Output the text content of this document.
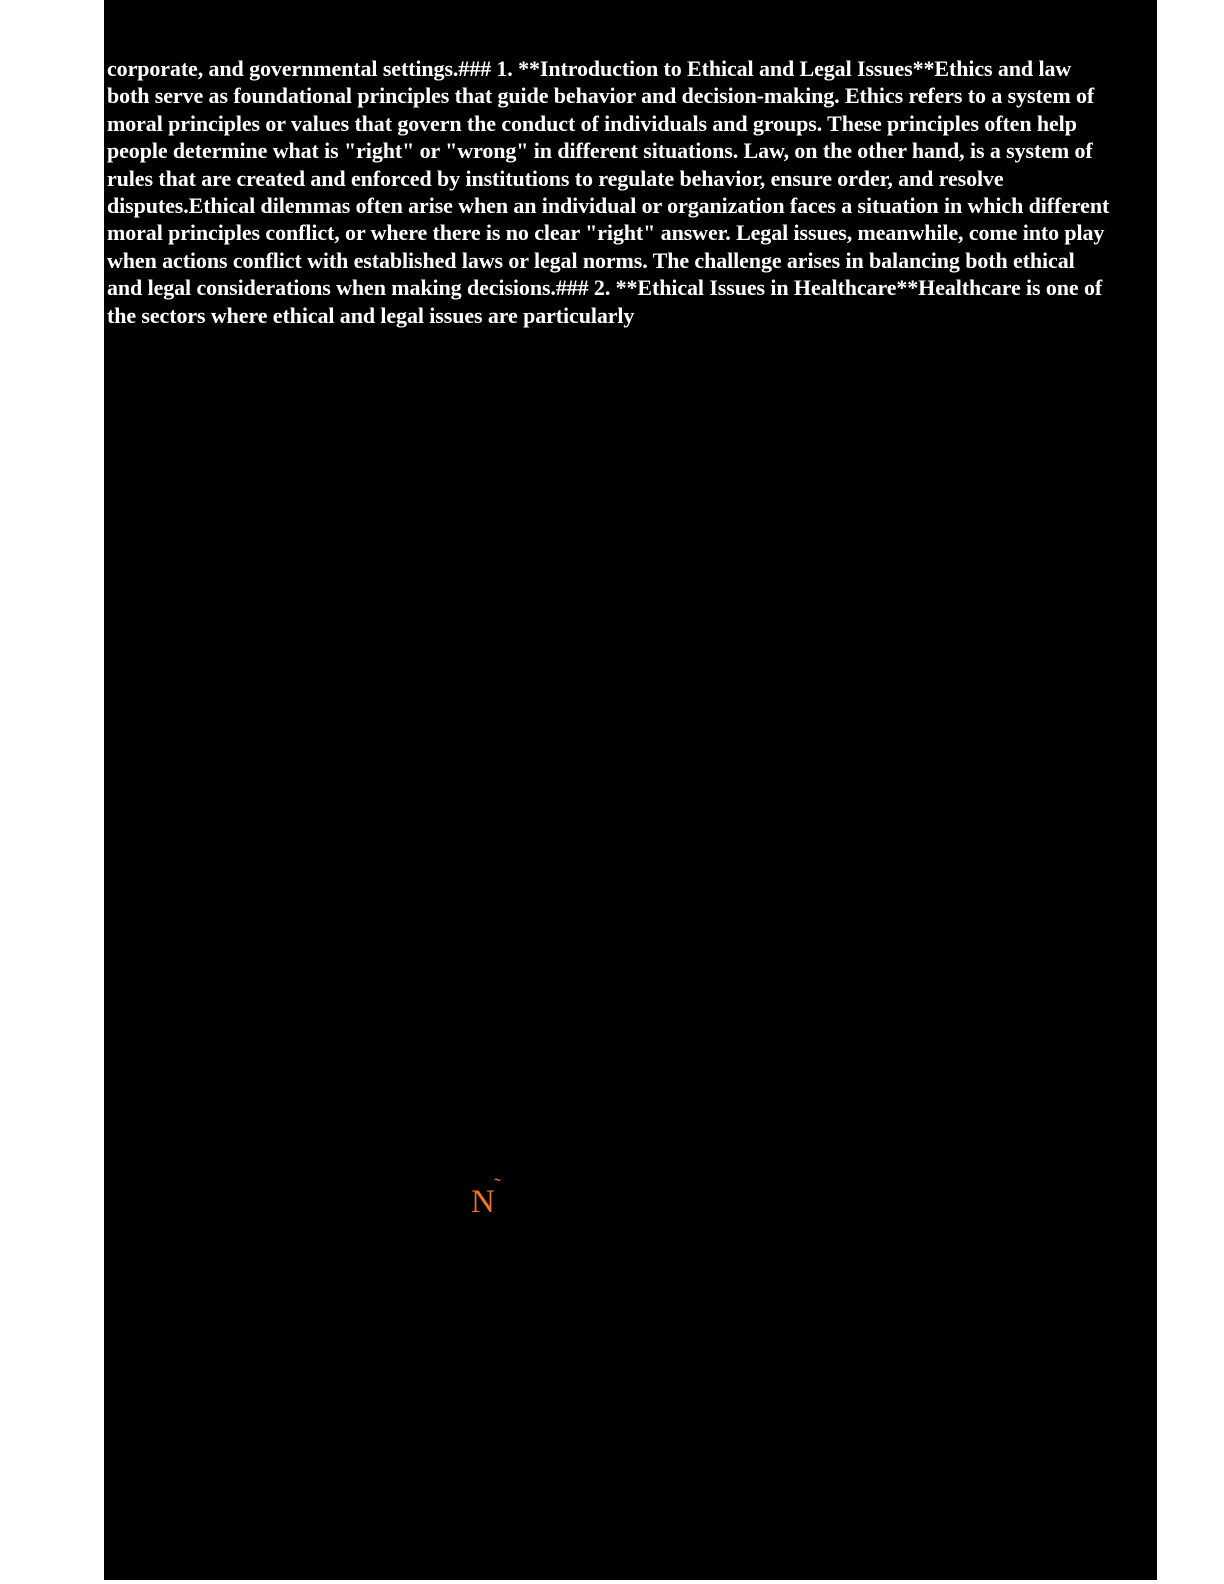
corporate, and governmental settings.### 1. **Introduction to Ethical and Legal Issues**Ethics and law
both serve as foundational principles that guide behavior and decision-making. Ethics refers to a system of
moral principles or values that govern the conduct of individuals and groups. These principles often help
people determine what is "right" or "wrong" in different situations. Law, on the other hand, is a system of
rules that are created and enforced by institutions to regulate behavior, ensure order, and resolve
disputes.Ethical dilemmas often arise when an individual or organization faces a situation in which different
moral principles conflict, or where there is no clear "right" answer. Legal issues, meanwhile, come into play
when actions conflict with established laws or legal norms. The challenge arises in balancing both ethical
and legal considerations when making decisions.### 2. **Ethical Issues in Healthcare**Healthcare is one of
the sectors where ethical and legal issues are particularly
N ˜
